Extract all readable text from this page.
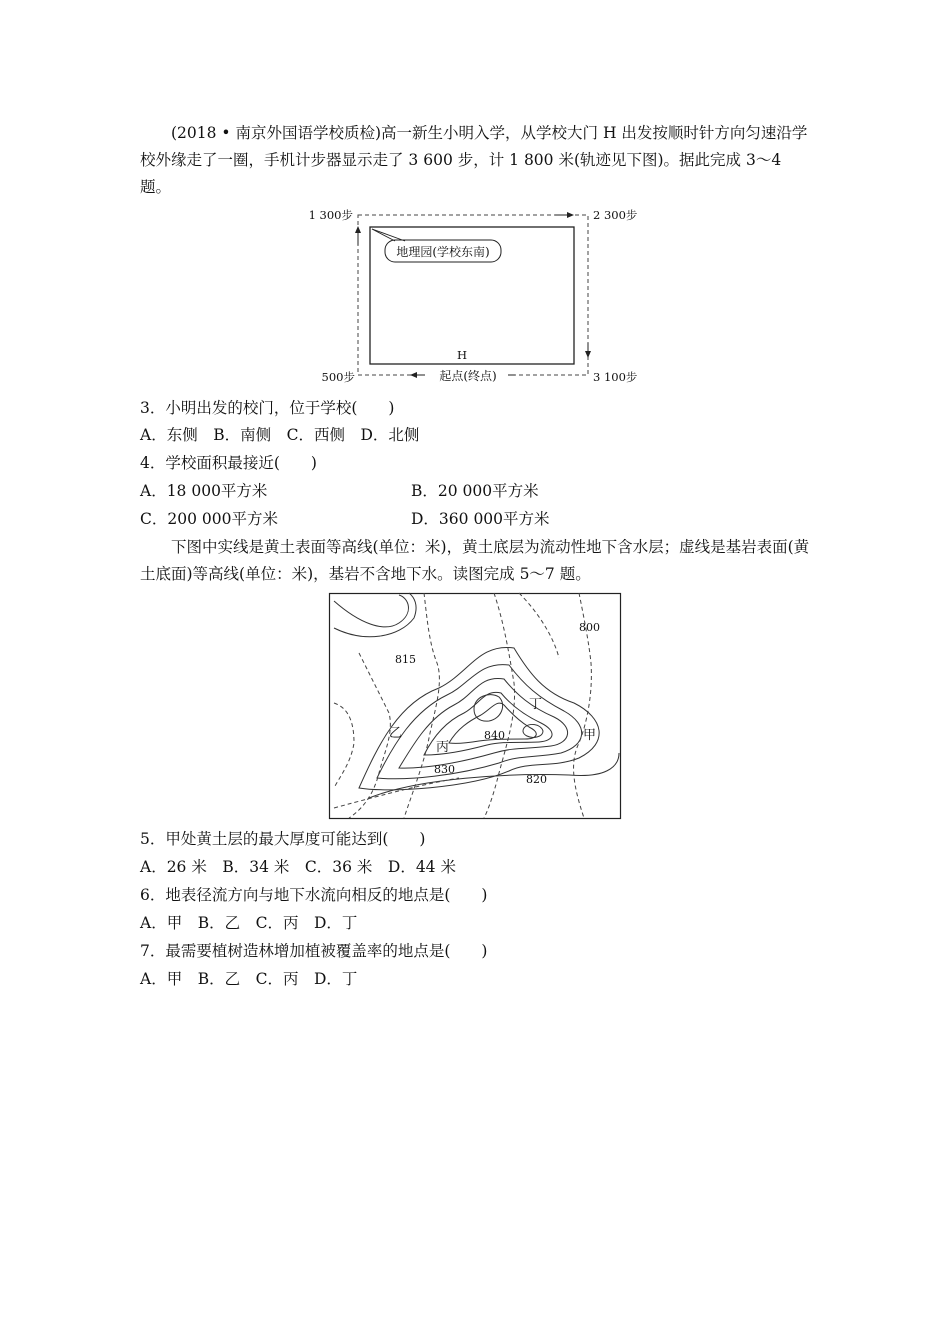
(2018 • 南京外国语学校质检)高一新生小明入学，从学校大门 H 出发按顺时针方向匀速沿学校外缘走了一圈，手机计步器显示走了 3 600 步，计 1 800 米(轨迹见下图)。据此完成 3～4 题。

地理园(学校东南)
1 300步	2 300步
500步	3 100步
H
起点(终点)
3．小明出发的校门，位于学校(　　)
A．东侧　B．南侧　C．西侧　D．北侧
4．学校面积最接近(　　)
A．18 000平方米	B．20 000平方米
C．200 000平方米	D．360 000平方米

下图中实线是黄土表面等高线(单位：米)，黄土底层为流动性地下含水层；虚线是基岩表面(黄土底面)等高线(单位：米)，基岩不含地下水。读图完成 5～7 题。

800
815
840
830
820
甲
乙
丙
丁
5．甲处黄土层的最大厚度可能达到(　　)
A．26 米　B．34 米　C．36 米　D．44 米
6．地表径流方向与地下水流向相反的地点是(　　)
A．甲　B．乙　C．丙　D．丁
7．最需要植树造林增加植被覆盖率的地点是(　　)
A．甲　B．乙　C．丙　D．丁
